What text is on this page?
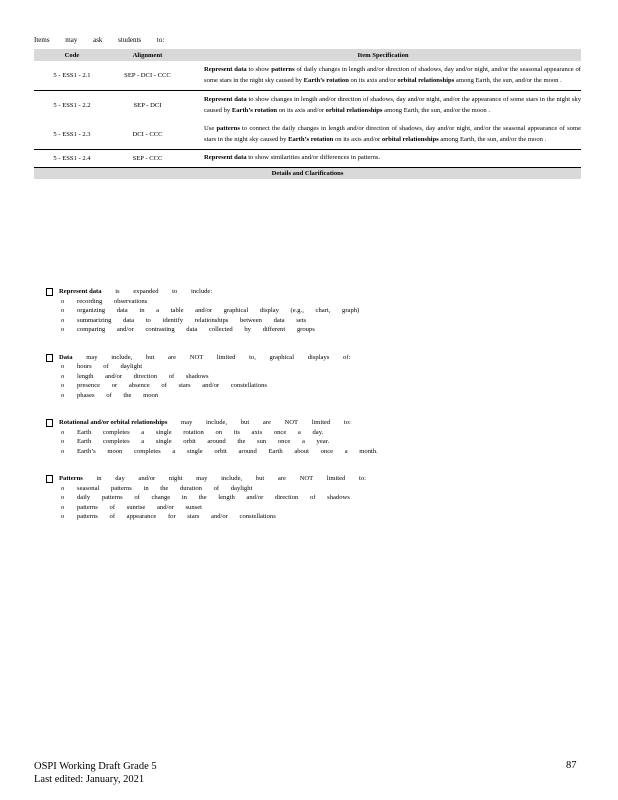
Items may ask students to:
Code	Alignment	Item Specification
5 - ESS1 - 2.1	SEP - DCI - CCC	Represent data to show patterns of daily changes in length and/or direction of shadows, day and/or night, and/or the seasonal appearance of some stars in the night sky caused by Earth’s rotation on its axis and/or orbital relationships among Earth, the sun, and/or the moon .
5 - ESS1 - 2.2	SEP - DCI	Represent data to show changes in length and/or direction of shadows, day and/or night, and/or the appearance of some stars in the night sky caused by Earth’s rotation on its axis and/or orbital relationships among Earth, the sun, and/or the moon .
5 - ESS1 - 2.3	DCI - CCC	Use patterns to connect the daily changes in length and/or direction of shadows, day and/or night, and/or the seasonal appearance of some stars in the night sky caused by Earth’s rotation on its axis and/or orbital relationships among Earth, the sun, and/or the moon .
5 - ESS1 - 2.4	SEP - CCC	Represent data to show similarities and/or differences in patterns.
Details and Clarifications		
Represent data is expanded to include:
o recording observations
o organizing data in a table and/or graphical display (e.g., chart, graph)
o summarizing data to identify relationships between data sets
o comparing and/or contrasting data collected by different groups
Data may include, but are NOT limited to, graphical displays of:
o hours of daylight
o length and/or direction of shadows
o presence or absence of stars and/or constellations
o phases of the moon
Rotational and/or orbital relationships may include, but are NOT limited to:
o Earth completes a single rotation on its axis once a day.
o Earth completes a single orbit around the sun once a year.
o Earth’s moon completes a single orbit around Earth about once a month.
Patterns in day and/or night may include, but are NOT limited to:
o seasonal patterns in the duration of daylight
o daily patterns of change in the length and/or direction of shadows
o patterns of sunrise and/or sunset
o patterns of appearance for stars and/or constellations
OSPI Working Draft Grade 5
Last edited: January, 2021
87
